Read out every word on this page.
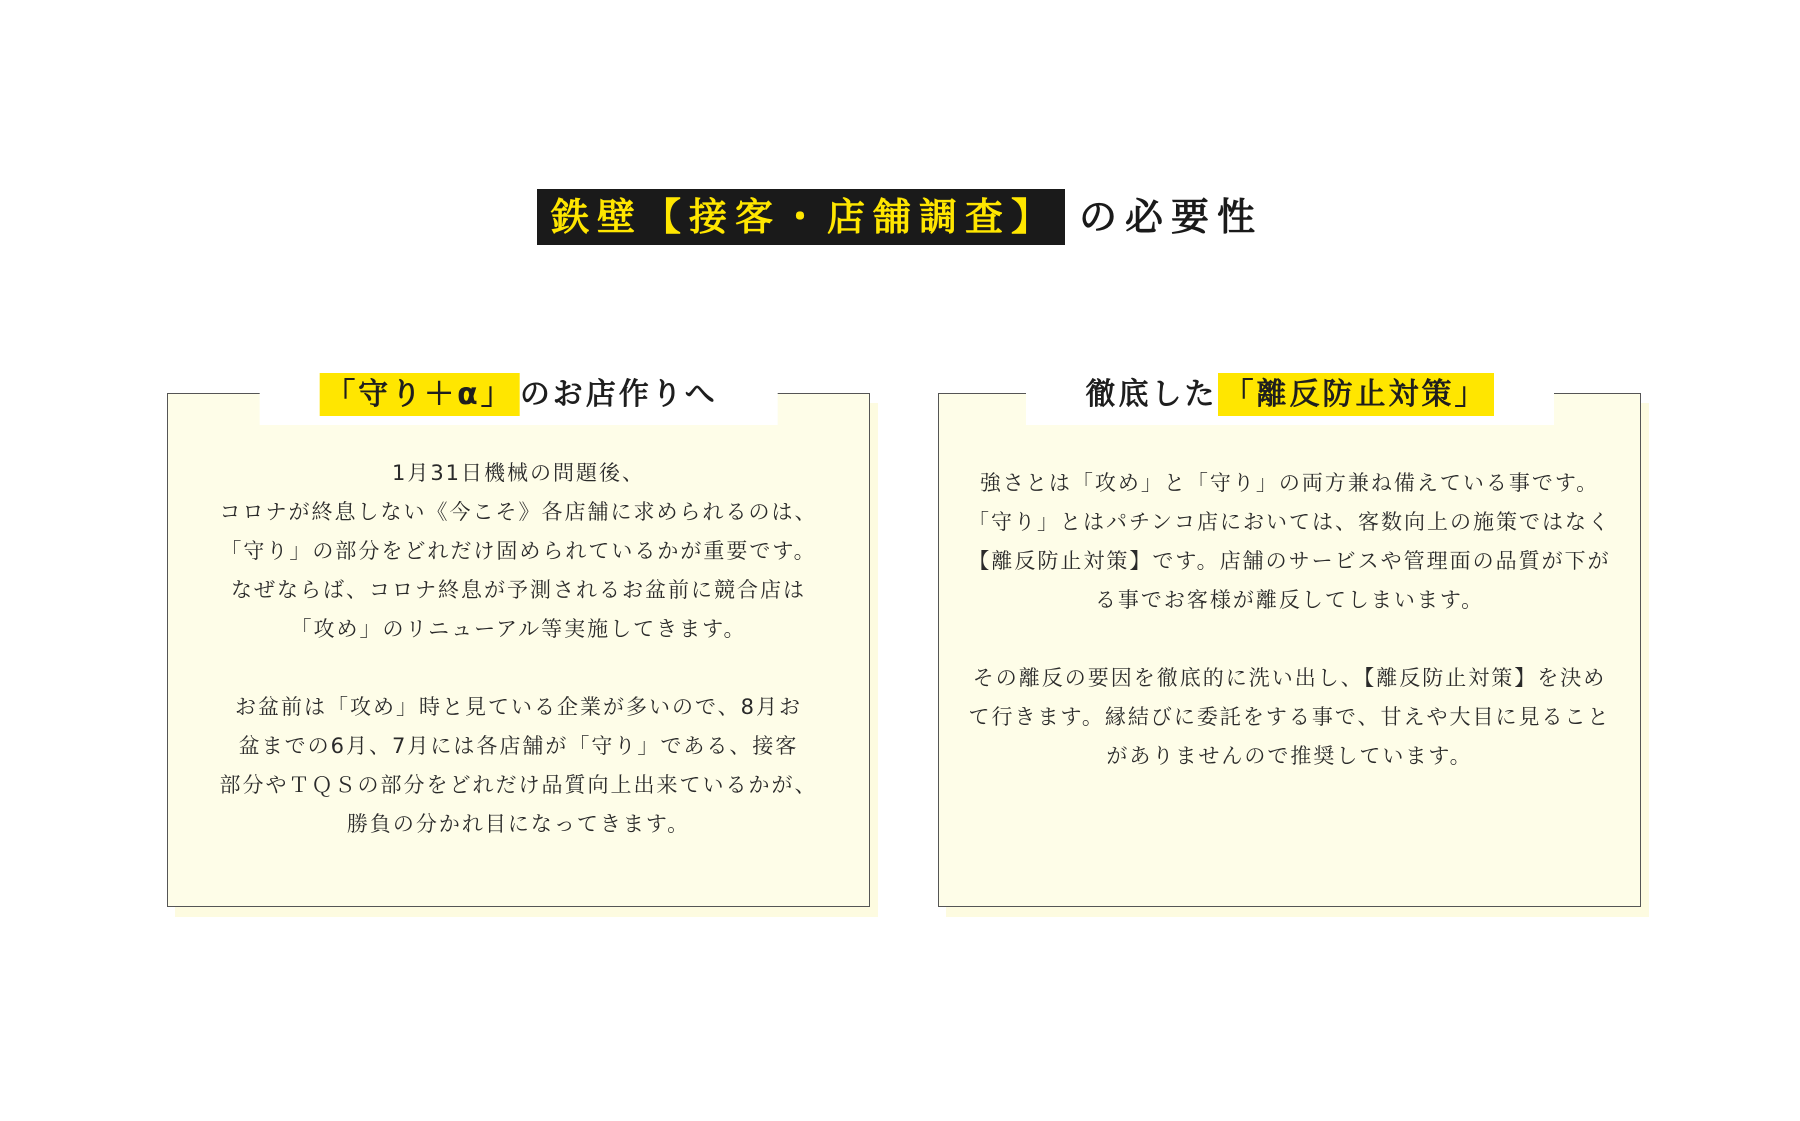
鉄壁【接客・店舗調査】 の必要性
「守り＋α」 のお店作りへ

1月31日機械の問題後、
コロナが終息しない《今こそ》各店舗に求められるのは、
「守り」の部分をどれだけ固められているかが重要です。
なぜならば、コロナ終息が予測されるお盆前に競合店は
「攻め」のリニューアル等実施してきます。

お盆前は「攻め」時と見ている企業が多いので、8月お
盆までの6月、7月には各店舗が「守り」である、接客
部分やＴＱＳの部分をどれだけ品質向上出来ているかが、
勝負の分かれ目になってきます。

徹底した 「離反防止対策」

強さとは「攻め」と「守り」の両方兼ね備えている事です。
「守り」とはパチンコ店においては、客数向上の施策ではなく
【離反防止対策】です。店舗のサービスや管理面の品質が下が
る事でお客様が離反してしまいます。

その離反の要因を徹底的に洗い出し、【離反防止対策】を決め
て行きます。縁結びに委託をする事で、甘えや大目に見ること
がありませんので推奨しています。
